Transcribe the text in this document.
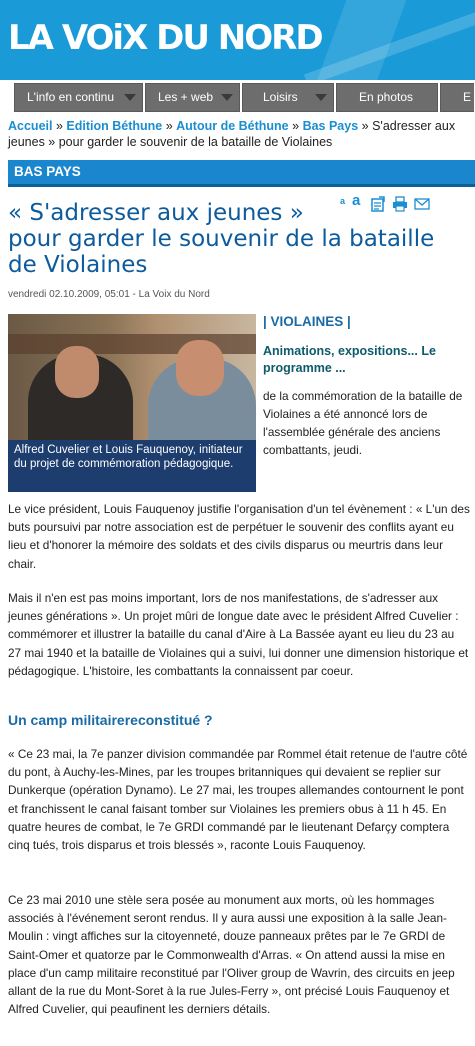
LA VOiX DU NORD
L'info en continu	Les + web	Loisirs	En photos	E
Accueil » Edition Béthune » Autour de Béthune » Bas Pays » S'adresser aux jeunes » pour garder le souvenir de la bataille de Violaines
BAS PAYS
a a
« S'adresser aux jeunes »
pour garder le souvenir de la bataille
de Violaines
vendredi 02.10.2009, 05:01 - La Voix du Nord
Alfred Cuvelier et Louis Fauquenoy, initiateur du projet de commémoration pédagogique.
| VIOLAINES |
Animations, expositions... Le programme ...
de la commémoration de la bataille de Violaines a été annoncé lors de l'assemblée générale des anciens combattants, jeudi.

Le vice président, Louis Fauquenoy justifie l'organisation d'un tel évènement : « L'un des buts poursuivi par notre association est de perpétuer le souvenir des conflits ayant eu lieu et d'honorer la mémoire des soldats et des civils disparus ou meurtris dans leur chair.

Mais il n'en est pas moins important, lors de nos manifestations, de s'adresser aux jeunes générations ». Un projet mûri de longue date avec le président Alfred Cuvelier : commémorer et illustrer la bataille du canal d'Aire à La Bassée ayant eu lieu du 23 au 27 mai 1940 et la bataille de Violaines qui a suivi, lui donner une dimension historique et pédagogique. L'histoire, les combattants la connaissent par coeur.

Un camp militairereconstitué ?

« Ce 23 mai, la 7e panzer division commandée par Rommel était retenue de l'autre côté du pont, à Auchy-les-Mines, par les troupes britanniques qui devaient se replier sur Dunkerque (opération Dynamo). Le 27 mai, les troupes allemandes contournent le pont et franchissent le canal faisant tomber sur Violaines les premiers obus à 11 h 45. En quatre heures de combat, le 7e GRDI commandé par le lieutenant Defarçy comptera cinq tués, trois disparus et trois blessés », raconte Louis Fauquenoy.

Ce 23 mai 2010 une stèle sera posée au monument aux morts, où les hommages associés à l'événement seront rendus. Il y aura aussi une exposition à la salle Jean-Moulin : vingt affiches sur la citoyenneté, douze panneaux prêtes par le 7e GRDI de Saint-Omer et quatorze par le Commonwealth d'Arras. « On attend aussi la mise en place d'un camp militaire reconstitué par l'Oliver group de Wavrin, des circuits en jeep allant de la rue du Mont-Soret à la rue Jules-Ferry », ont précisé Louis Fauquenoy et Alfred Cuvelier, qui peaufinent les derniers détails.
